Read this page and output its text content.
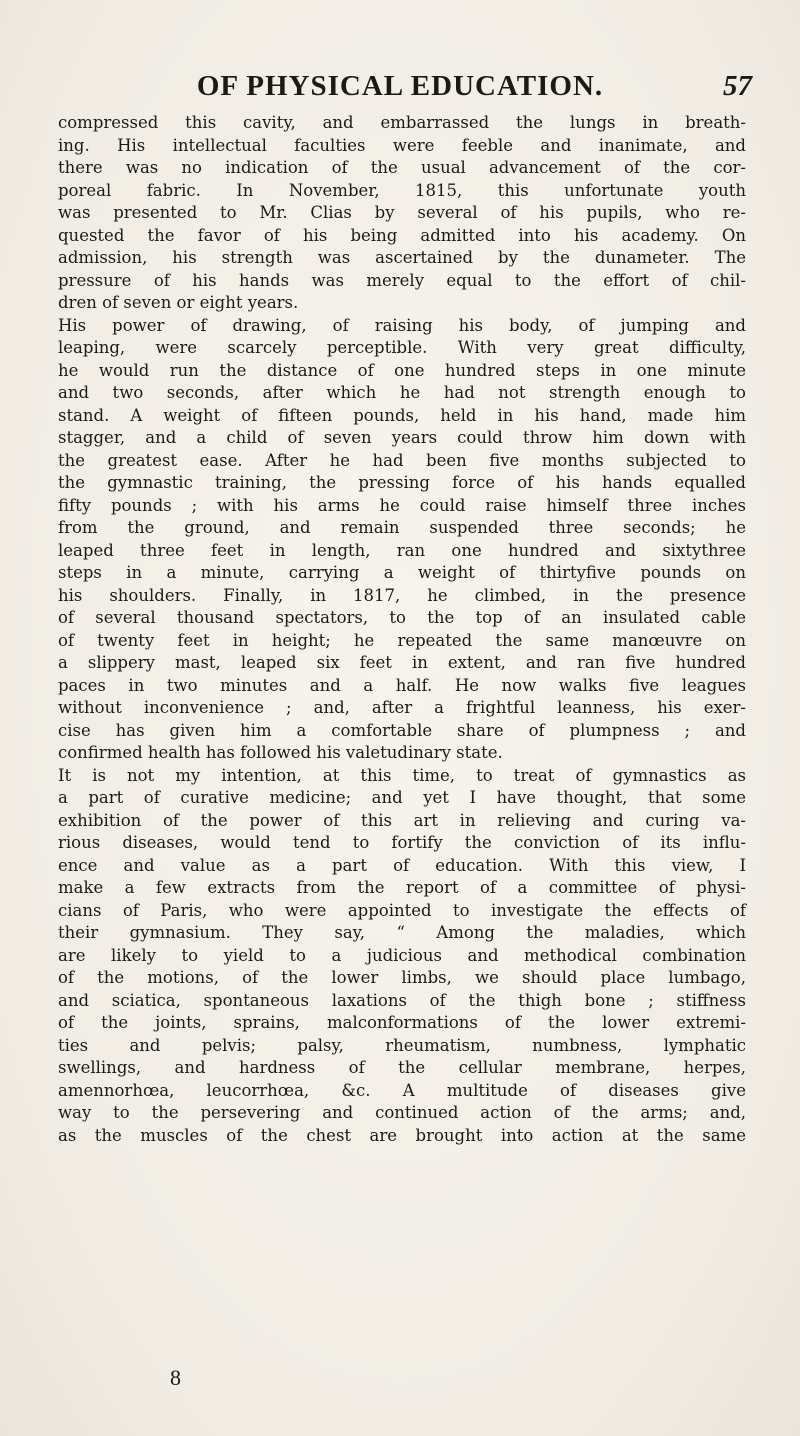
OF PHYSICAL EDUCATION.	57
compressed this cavity, and embarrassed the lungs in breath-
ing. His intellectual faculties were feeble and inanimate, and
there was no indication of the usual advancement of the cor-
poreal fabric. In November, 1815, this unfortunate youth
was presented to Mr. Clias by several of his pupils, who re-
quested the favor of his being admitted into his academy. On
admission, his strength was ascertained by the dunameter. The
pressure of his hands was merely equal to the effort of chil-
dren of seven or eight years.
His power of drawing, of raising his body, of jumping and
leaping, were scarcely perceptible. With very great difficulty,
he would run the distance of one hundred steps in one minute
and two seconds, after which he had not strength enough to
stand. A weight of fifteen pounds, held in his hand, made him
stagger, and a child of seven years could throw him down with
the greatest ease. After he had been five months subjected to
the gymnastic training, the pressing force of his hands equalled
fifty pounds ; with his arms he could raise himself three inches
from the ground, and remain suspended three seconds; he
leaped three feet in length, ran one hundred and sixtythree
steps in a minute, carrying a weight of thirtyfive pounds on
his shoulders. Finally, in 1817, he climbed, in the presence
of several thousand spectators, to the top of an insulated cable
of twenty feet in height; he repeated the same manœuvre on
a slippery mast, leaped six feet in extent, and ran five hundred
paces in two minutes and a half. He now walks five leagues
without inconvenience ; and, after a frightful leanness, his exer-
cise has given him a comfortable share of plumpness ; and
confirmed health has followed his valetudinary state.
It is not my intention, at this time, to treat of gymnastics as
a part of curative medicine; and yet I have thought, that some
exhibition of the power of this art in relieving and curing va-
rious diseases, would tend to fortify the conviction of its influ-
ence and value as a part of education. With this view, I
make a few extracts from the report of a committee of physi-
cians of Paris, who were appointed to investigate the effects of
their gymnasium. They say, “ Among the maladies, which
are likely to yield to a judicious and methodical combination
of the motions, of the lower limbs, we should place lumbago,
and sciatica, spontaneous laxations of the thigh bone ; stiffness
of the joints, sprains, malconformations of the lower extremi-
ties and pelvis; palsy, rheumatism, numbness, lymphatic
swellings, and hardness of the cellular membrane, herpes,
amennorhœa, leucorrhœa, &c. A multitude of diseases give
way to the persevering and continued action of the arms; and,
as the muscles of the chest are brought into action at the same
8
